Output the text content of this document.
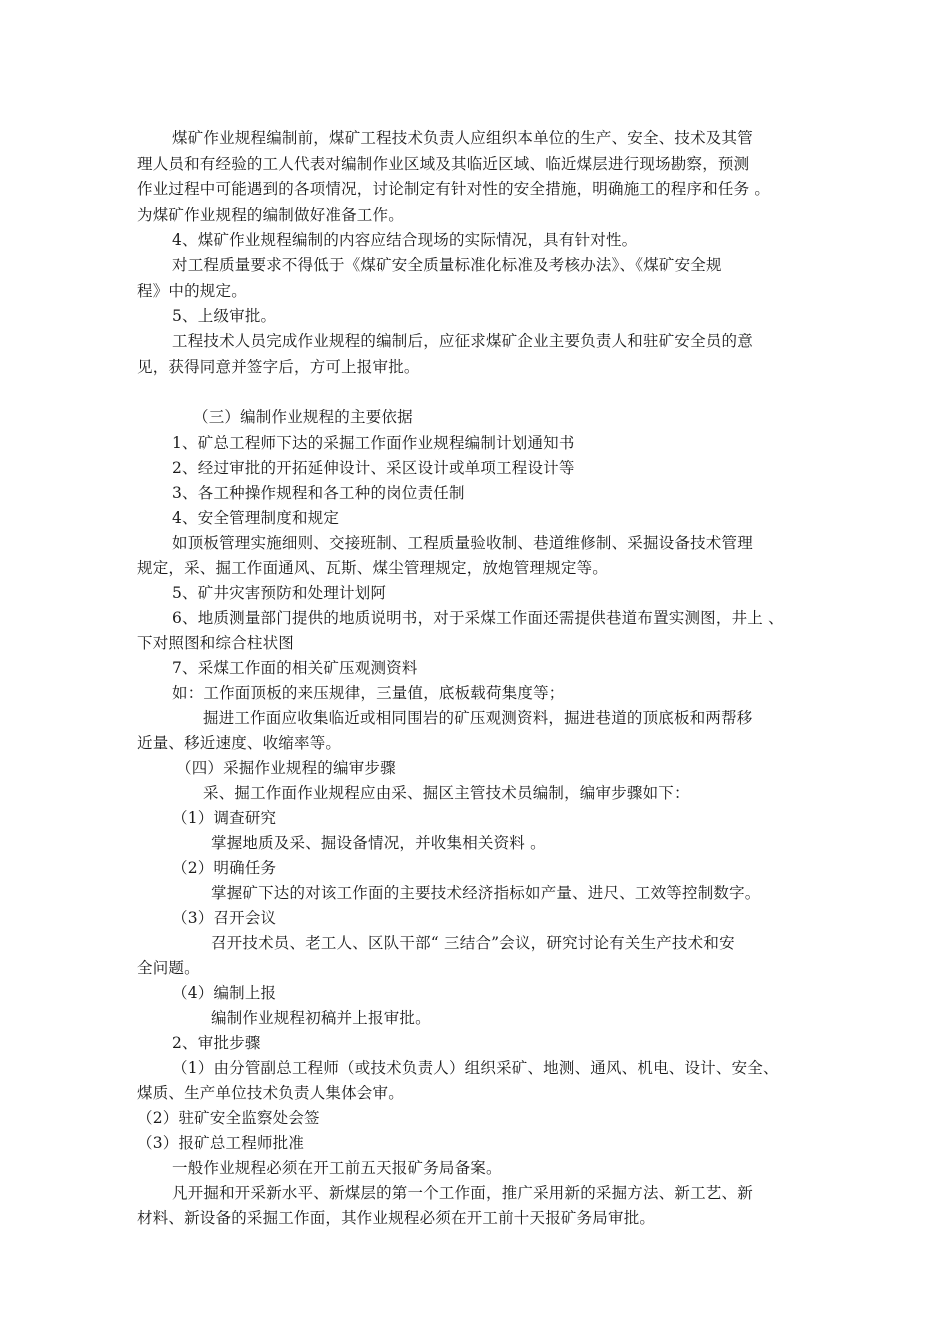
煤矿作业规程编制前，煤矿工程技术负责人应组织本单位的生产、安全、技术及其管
理人员和有经验的工人代表对编制作业区域及其临近区域、临近煤层进行现场勘察，预测
作业过程中可能遇到的各项情况，讨论制定有针对性的安全措施，明确施工的程序和任务 。
为煤矿作业规程的编制做好准备工作。
4、煤矿作业规程编制的内容应结合现场的实际情况，具有针对性。
对工程质量要求不得低于《煤矿安全质量标准化标准及考核办法》、《煤矿安全规
程》中的规定。
5、上级审批。
工程技术人员完成作业规程的编制后，应征求煤矿企业主要负责人和驻矿安全员的意
见，获得同意并签字后，方可上报审批。
（三）编制作业规程的主要依据
1、矿总工程师下达的采掘工作面作业规程编制计划通知书
2、经过审批的开拓延伸设计、采区设计或单项工程设计等
3、各工种操作规程和各工种的岗位责任制
4、安全管理制度和规定
如顶板管理实施细则、交接班制、工程质量验收制、巷道维修制、采掘设备技术管理
规定，采、掘工作面通风、瓦斯、煤尘管理规定，放炮管理规定等。
5、矿井灾害预防和处理计划阿
6、地质测量部门提供的地质说明书，对于采煤工作面还需提供巷道布置实测图，井上 、
下对照图和综合柱状图
7、采煤工作面的相关矿压观测资料
如：工作面顶板的来压规律，三量值，底板载荷集度等；
掘进工作面应收集临近或相同围岩的矿压观测资料，掘进巷道的顶底板和两帮移
近量、移近速度、收缩率等。
（四）采掘作业规程的编审步骤
采、掘工作面作业规程应由采、掘区主管技术员编制，编审步骤如下：
（1）调查研究
掌握地质及采、掘设备情况，并收集相关资料 。
（2）明确任务
掌握矿下达的对该工作面的主要技术经济指标如产量、进尺、工效等控制数字。
（3）召开会议
召开技术员、老工人、区队干部“ 三结合”会议，研究讨论有关生产技术和安
全问题。
（4）编制上报
编制作业规程初稿并上报审批。
2、审批步骤
（1）由分管副总工程师（或技术负责人）组织采矿、地测、通风、机电、设计、安全、
煤质、生产单位技术负责人集体会审。
（2）驻矿安全监察处会签
（3）报矿总工程师批准
一般作业规程必须在开工前五天报矿务局备案。
凡开掘和开采新水平、新煤层的第一个工作面，推广采用新的采掘方法、新工艺、新
材料、新设备的采掘工作面，其作业规程必须在开工前十天报矿务局审批。
